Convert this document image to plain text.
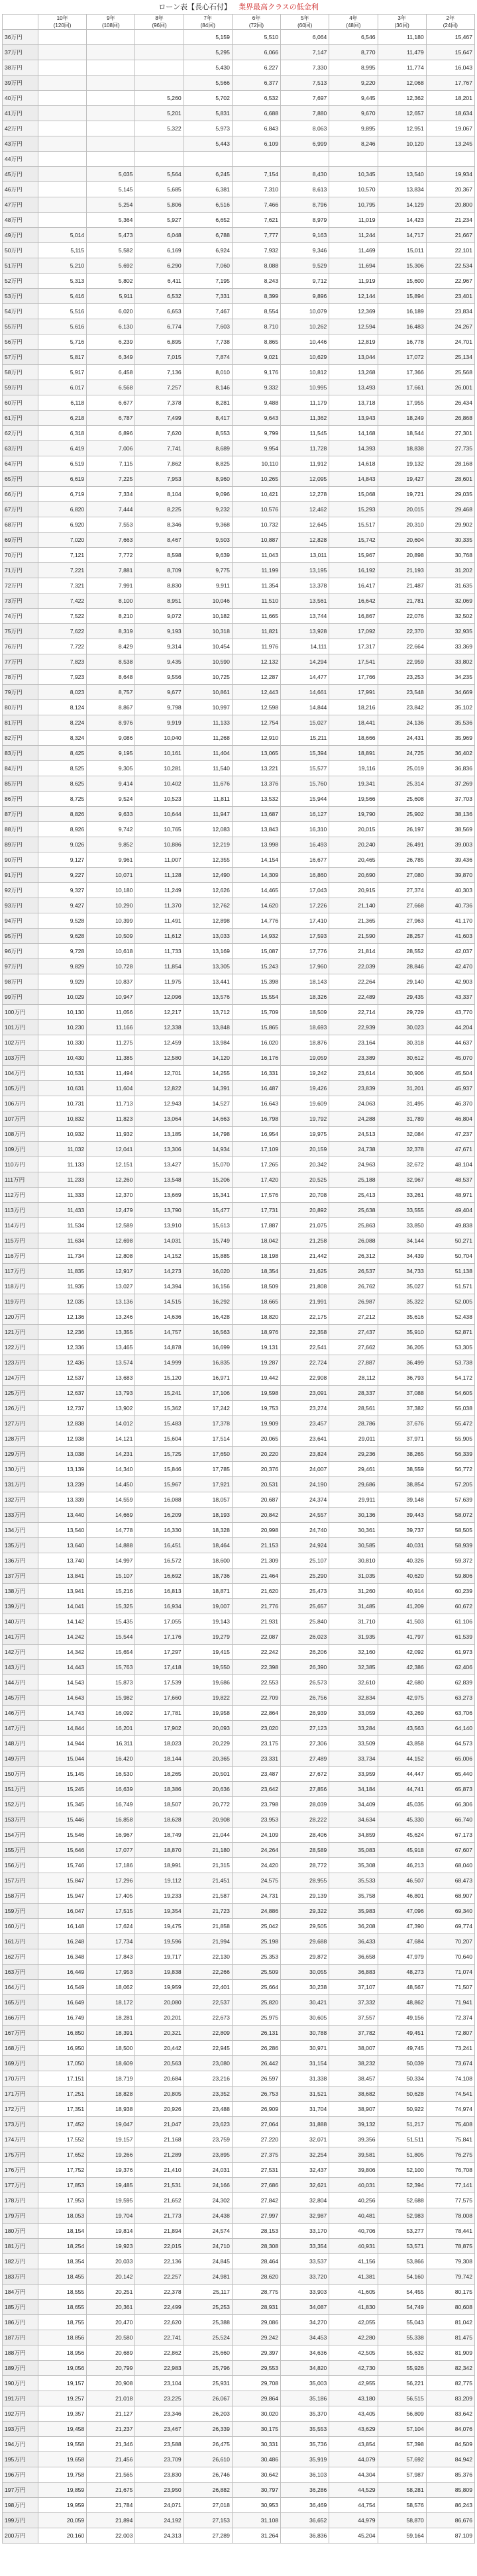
ローン表【長心石付】 業界最高クラスの低金利
	10年	9年	8年	7年	6年	5年	4年	3年	2年
	(120回)	(108回)	(96回)	(84回)	(72回)	(60回)	(48回)	(36回)	(24回)
36万円				5,159	5,510	6,064	6,546	11,180	15,467
37万円				5,295	6,066	7,147	8,770	11,479	15,647
38万円				5,430	6,227	7,330	8,995	11,774	16,043
39万円				5,566	6,377	7,513	9,220	12,068	17,767
40万円			5,260	5,702	6,532	7,697	9,445	12,362	18,201
41万円			5,201	5,831	6,688	7,880	9,670	12,657	18,634
42万円			5,322	5,973	6,843	8,063	9,895	12,951	19,067
43万円				5,443	6,109	6,999	8,246	10,120	13,245
44万円									
45万円		5,035	5,564	6,245	7,154	8,430	10,345	13,540	19,934
46万円		5,145	5,685	6,381	7,310	8,613	10,570	13,834	20,367
47万円		5,254	5,806	6,516	7,466	8,796	10,795	14,129	20,800
48万円		5,364	5,927	6,652	7,621	8,979	11,019	14,423	21,234
49万円	5,014	5,473	6,048	6,788	7,777	9,163	11,244	14,717	21,667
50万円	5,115	5,582	6,169	6,924	7,932	9,346	11,469	15,011	22,101
51万円	5,210	5,692	6,290	7,060	8,088	9,529	11,694	15,306	22,534
52万円	5,313	5,802	6,411	7,195	8,243	9,712	11,919	15,600	22,967
53万円	5,416	5,911	6,532	7,331	8,399	9,896	12,144	15,894	23,401
54万円	5,516	6,020	6,653	7,467	8,554	10,079	12,369	16,189	23,834
55万円	5,616	6,130	6,774	7,603	8,710	10,262	12,594	16,483	24,267
56万円	5,716	6,239	6,895	7,738	8,865	10,446	12,819	16,778	24,701
57万円	5,817	6,349	7,015	7,874	9,021	10,629	13,044	17,072	25,134
58万円	5,917	6,458	7,136	8,010	9,176	10,812	13,268	17,366	25,568
59万円	6,017	6,568	7,257	8,146	9,332	10,995	13,493	17,661	26,001
60万円	6,118	6,677	7,378	8,281	9,488	11,179	13,718	17,955	26,434
61万円	6,218	6,787	7,499	8,417	9,643	11,362	13,943	18,249	26,868
62万円	6,318	6,896	7,620	8,553	9,799	11,545	14,168	18,544	27,301
63万円	6,419	7,006	7,741	8,689	9,954	11,728	14,393	18,838	27,735
64万円	6,519	7,115	7,862	8,825	10,110	11,912	14,618	19,132	28,168
65万円	6,619	7,225	7,953	8,960	10,265	12,095	14,843	19,427	28,601
66万円	6,719	7,334	8,104	9,096	10,421	12,278	15,068	19,721	29,035
67万円	6,820	7,444	8,225	9,232	10,576	12,462	15,293	20,015	29,468
68万円	6,920	7,553	8,346	9,368	10,732	12,645	15,517	20,310	29,902
69万円	7,020	7,663	8,467	9,503	10,887	12,828	15,742	20,604	30,335
70万円	7,121	7,772	8,598	9,639	11,043	13,011	15,967	20,898	30,768
71万円	7,221	7,881	8,709	9,775	11,199	13,195	16,192	21,193	31,202
72万円	7,321	7,991	8,830	9,911	11,354	13,378	16,417	21,487	31,635
73万円	7,422	8,100	8,951	10,046	11,510	13,561	16,642	21,781	32,069
74万円	7,522	8,210	9,072	10,182	11,665	13,744	16,867	22,076	32,502
75万円	7,622	8,319	9,193	10,318	11,821	13,928	17,092	22,370	32,935
76万円	7,722	8,429	9,314	10,454	11,976	14,111	17,317	22,664	33,369
77万円	7,823	8,538	9,435	10,590	12,132	14,294	17,541	22,959	33,802
78万円	7,923	8,648	9,556	10,725	12,287	14,477	17,766	23,253	34,235
79万円	8,023	8,757	9,677	10,861	12,443	14,661	17,991	23,548	34,669
80万円	8,124	8,867	9,798	10,997	12,598	14,844	18,216	23,842	35,102
81万円	8,224	8,976	9,919	11,133	12,754	15,027	18,441	24,136	35,536
82万円	8,324	9,086	10,040	11,268	12,910	15,211	18,666	24,431	35,969
83万円	8,425	9,195	10,161	11,404	13,065	15,394	18,891	24,725	36,402
84万円	8,525	9,305	10,281	11,540	13,221	15,577	19,116	25,019	36,836
85万円	8,625	9,414	10,402	11,676	13,376	15,760	19,341	25,314	37,269
86万円	8,725	9,524	10,523	11,811	13,532	15,944	19,566	25,608	37,703
87万円	8,826	9,633	10,644	11,947	13,687	16,127	19,790	25,902	38,136
88万円	8,926	9,742	10,765	12,083	13,843	16,310	20,015	26,197	38,569
89万円	9,026	9,852	10,886	12,219	13,998	16,493	20,240	26,491	39,003
90万円	9,127	9,961	11,007	12,355	14,154	16,677	20,465	26,785	39,436
91万円	9,227	10,071	11,128	12,490	14,309	16,860	20,690	27,080	39,870
92万円	9,327	10,180	11,249	12,626	14,465	17,043	20,915	27,374	40,303
93万円	9,427	10,290	11,370	12,762	14,620	17,226	21,140	27,668	40,736
94万円	9,528	10,399	11,491	12,898	14,776	17,410	21,365	27,963	41,170
95万円	9,628	10,509	11,612	13,033	14,932	17,593	21,590	28,257	41,603
96万円	9,728	10,618	11,733	13,169	15,087	17,776	21,814	28,552	42,037
97万円	9,829	10,728	11,854	13,305	15,243	17,960	22,039	28,846	42,470
98万円	9,929	10,837	11,975	13,441	15,398	18,143	22,264	29,140	42,903
99万円	10,029	10,947	12,096	13,576	15,554	18,326	22,489	29,435	43,337
100万円	10,130	11,056	12,217	13,712	15,709	18,509	22,714	29,729	43,770
101万円	10,230	11,166	12,338	13,848	15,865	18,693	22,939	30,023	44,204
102万円	10,330	11,275	12,459	13,984	16,020	18,876	23,164	30,318	44,637
103万円	10,430	11,385	12,580	14,120	16,176	19,059	23,389	30,612	45,070
104万円	10,531	11,494	12,701	14,255	16,331	19,242	23,614	30,906	45,504
105万円	10,631	11,604	12,822	14,391	16,487	19,426	23,839	31,201	45,937
106万円	10,731	11,713	12,943	14,527	16,643	19,609	24,063	31,495	46,370
107万円	10,832	11,823	13,064	14,663	16,798	19,792	24,288	31,789	46,804
108万円	10,932	11,932	13,185	14,798	16,954	19,975	24,513	32,084	47,237
109万円	11,032	12,041	13,306	14,934	17,109	20,159	24,738	32,378	47,671
110万円	11,133	12,151	13,427	15,070	17,265	20,342	24,963	32,672	48,104
111万円	11,233	12,260	13,548	15,206	17,420	20,525	25,188	32,967	48,537
112万円	11,333	12,370	13,669	15,341	17,576	20,708	25,413	33,261	48,971
113万円	11,433	12,479	13,790	15,477	17,731	20,892	25,638	33,555	49,404
114万円	11,534	12,589	13,910	15,613	17,887	21,075	25,863	33,850	49,838
115万円	11,634	12,698	14,031	15,749	18,042	21,258	26,088	34,144	50,271
116万円	11,734	12,808	14,152	15,885	18,198	21,442	26,312	34,439	50,704
117万円	11,835	12,917	14,273	16,020	18,354	21,625	26,537	34,733	51,138
118万円	11,935	13,027	14,394	16,156	18,509	21,808	26,762	35,027	51,571
119万円	12,035	13,136	14,515	16,292	18,665	21,991	26,987	35,322	52,005
120万円	12,136	13,246	14,636	16,428	18,820	22,175	27,212	35,616	52,438
121万円	12,236	13,355	14,757	16,563	18,976	22,358	27,437	35,910	52,871
122万円	12,336	13,465	14,878	16,699	19,131	22,541	27,662	36,205	53,305
123万円	12,436	13,574	14,999	16,835	19,287	22,724	27,887	36,499	53,738
124万円	12,537	13,683	15,120	16,971	19,442	22,908	28,112	36,793	54,172
125万円	12,637	13,793	15,241	17,106	19,598	23,091	28,337	37,088	54,605
126万円	12,737	13,902	15,362	17,242	19,753	23,274	28,561	37,382	55,038
127万円	12,838	14,012	15,483	17,378	19,909	23,457	28,786	37,676	55,472
128万円	12,938	14,121	15,604	17,514	20,065	23,641	29,011	37,971	55,905
129万円	13,038	14,231	15,725	17,650	20,220	23,824	29,236	38,265	56,339
130万円	13,139	14,340	15,846	17,785	20,376	24,007	29,461	38,559	56,772
131万円	13,239	14,450	15,967	17,921	20,531	24,190	29,686	38,854	57,205
132万円	13,339	14,559	16,088	18,057	20,687	24,374	29,911	39,148	57,639
133万円	13,440	14,669	16,209	18,193	20,842	24,557	30,136	39,443	58,072
134万円	13,540	14,778	16,330	18,328	20,998	24,740	30,361	39,737	58,505
135万円	13,640	14,888	16,451	18,464	21,153	24,924	30,585	40,031	58,939
136万円	13,740	14,997	16,572	18,600	21,309	25,107	30,810	40,326	59,372
137万円	13,841	15,107	16,692	18,736	21,464	25,290	31,035	40,620	59,806
138万円	13,941	15,216	16,813	18,871	21,620	25,473	31,260	40,914	60,239
139万円	14,041	15,325	16,934	19,007	21,776	25,657	31,485	41,209	60,672
140万円	14,142	15,435	17,055	19,143	21,931	25,840	31,710	41,503	61,106
141万円	14,242	15,544	17,176	19,279	22,087	26,023	31,935	41,797	61,539
142万円	14,342	15,654	17,297	19,415	22,242	26,206	32,160	42,092	61,973
143万円	14,443	15,763	17,418	19,550	22,398	26,390	32,385	42,386	62,406
144万円	14,543	15,873	17,539	19,686	22,553	26,573	32,610	42,680	62,839
145万円	14,643	15,982	17,660	19,822	22,709	26,756	32,834	42,975	63,273
146万円	14,743	16,092	17,781	19,958	22,864	26,939	33,059	43,269	63,706
147万円	14,844	16,201	17,902	20,093	23,020	27,123	33,284	43,563	64,140
148万円	14,944	16,311	18,023	20,229	23,175	27,306	33,509	43,858	64,573
149万円	15,044	16,420	18,144	20,365	23,331	27,489	33,734	44,152	65,006
150万円	15,145	16,530	18,265	20,501	23,487	27,672	33,959	44,447	65,440
151万円	15,245	16,639	18,386	20,636	23,642	27,856	34,184	44,741	65,873
152万円	15,345	16,749	18,507	20,772	23,798	28,039	34,409	45,035	66,306
153万円	15,446	16,858	18,628	20,908	23,953	28,222	34,634	45,330	66,740
154万円	15,546	16,967	18,749	21,044	24,109	28,406	34,859	45,624	67,173
155万円	15,646	17,077	18,870	21,180	24,264	28,589	35,083	45,918	67,607
156万円	15,746	17,186	18,991	21,315	24,420	28,772	35,308	46,213	68,040
157万円	15,847	17,296	19,112	21,451	24,575	28,955	35,533	46,507	68,473
158万円	15,947	17,405	19,233	21,587	24,731	29,139	35,758	46,801	68,907
159万円	16,047	17,515	19,354	21,723	24,886	29,322	35,983	47,096	69,340
160万円	16,148	17,624	19,475	21,858	25,042	29,505	36,208	47,390	69,774
161万円	16,248	17,734	19,596	21,994	25,198	29,688	36,433	47,684	70,207
162万円	16,348	17,843	19,717	22,130	25,353	29,872	36,658	47,979	70,640
163万円	16,449	17,953	19,838	22,266	25,509	30,055	36,883	48,273	71,074
164万円	16,549	18,062	19,959	22,401	25,664	30,238	37,107	48,567	71,507
165万円	16,649	18,172	20,080	22,537	25,820	30,421	37,332	48,862	71,941
166万円	16,749	18,281	20,201	22,673	25,975	30,605	37,557	49,156	72,374
167万円	16,850	18,391	20,321	22,809	26,131	30,788	37,782	49,451	72,807
168万円	16,950	18,500	20,442	22,945	26,286	30,971	38,007	49,745	73,241
169万円	17,050	18,609	20,563	23,080	26,442	31,154	38,232	50,039	73,674
170万円	17,151	18,719	20,684	23,216	26,597	31,338	38,457	50,334	74,108
171万円	17,251	18,828	20,805	23,352	26,753	31,521	38,682	50,628	74,541
172万円	17,351	18,938	20,926	23,488	26,909	31,704	38,907	50,922	74,974
173万円	17,452	19,047	21,047	23,623	27,064	31,888	39,132	51,217	75,408
174万円	17,552	19,157	21,168	23,759	27,220	32,071	39,356	51,511	75,841
175万円	17,652	19,266	21,289	23,895	27,375	32,254	39,581	51,805	76,275
176万円	17,752	19,376	21,410	24,031	27,531	32,437	39,806	52,100	76,708
177万円	17,853	19,485	21,531	24,166	27,686	32,621	40,031	52,394	77,141
178万円	17,953	19,595	21,652	24,302	27,842	32,804	40,256	52,688	77,575
179万円	18,053	19,704	21,773	24,438	27,997	32,987	40,481	52,983	78,008
180万円	18,154	19,814	21,894	24,574	28,153	33,170	40,706	53,277	78,441
181万円	18,254	19,923	22,015	24,710	28,308	33,354	40,931	53,571	78,875
182万円	18,354	20,033	22,136	24,845	28,464	33,537	41,156	53,866	79,308
183万円	18,455	20,142	22,257	24,981	28,620	33,720	41,381	54,160	79,742
184万円	18,555	20,251	22,378	25,117	28,775	33,903	41,605	54,455	80,175
185万円	18,655	20,361	22,499	25,253	28,931	34,087	41,830	54,749	80,608
186万円	18,755	20,470	22,620	25,388	29,086	34,270	42,055	55,043	81,042
187万円	18,856	20,580	22,741	25,524	29,242	34,453	42,280	55,338	81,475
188万円	18,956	20,689	22,862	25,660	29,397	34,636	42,505	55,632	81,909
189万円	19,056	20,799	22,983	25,796	29,553	34,820	42,730	55,926	82,342
190万円	19,157	20,908	23,104	25,931	29,708	35,003	42,955	56,221	82,775
191万円	19,257	21,018	23,225	26,067	29,864	35,186	43,180	56,515	83,209
192万円	19,357	21,127	23,346	26,203	30,020	35,370	43,405	56,809	83,642
193万円	19,458	21,237	23,467	26,339	30,175	35,553	43,629	57,104	84,076
194万円	19,558	21,346	23,588	26,475	30,331	35,736	43,854	57,398	84,509
195万円	19,658	21,456	23,709	26,610	30,486	35,919	44,079	57,692	84,942
196万円	19,758	21,565	23,830	26,746	30,642	36,103	44,304	57,987	85,376
197万円	19,859	21,675	23,950	26,882	30,797	36,286	44,529	58,281	85,809
198万円	19,959	21,784	24,071	27,018	30,953	36,469	44,754	58,576	86,243
199万円	20,059	21,894	24,192	27,153	31,108	36,652	44,979	58,870	86,676
200万円	20,160	22,003	24,313	27,289	31,264	36,836	45,204	59,164	87,109
